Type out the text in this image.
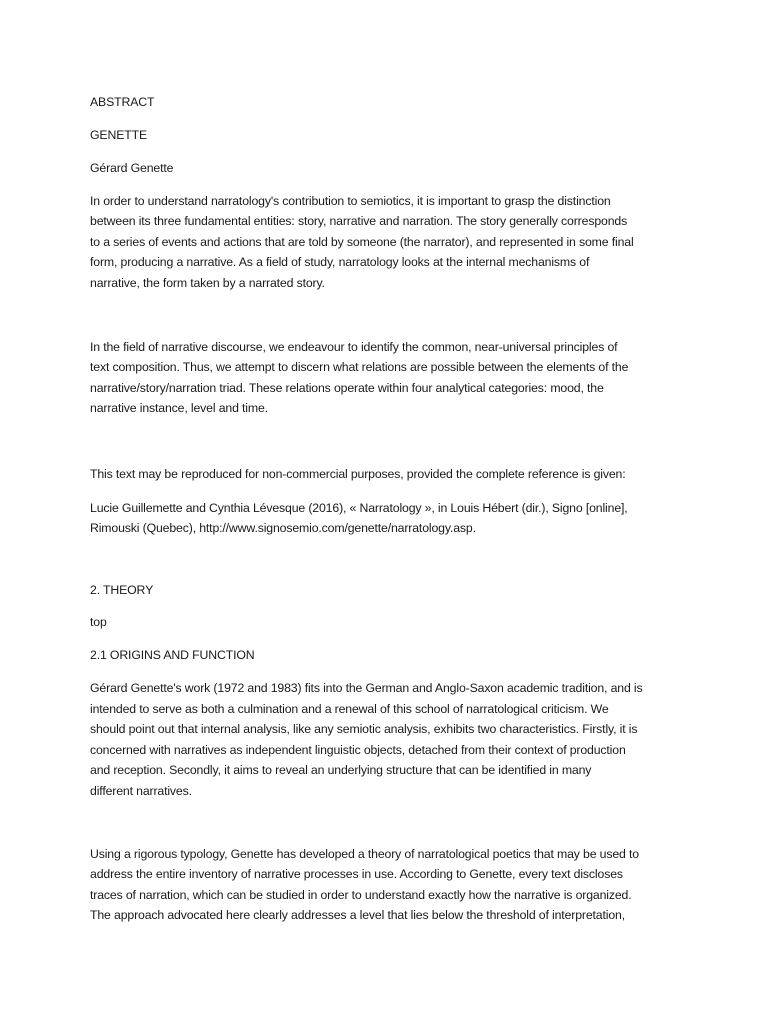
ABSTRACT
GENETTE
Gérard Genette
In order to understand narratology's contribution to semiotics, it is important to grasp the distinction
between its three fundamental entities: story, narrative and narration. The story generally corresponds
to a series of events and actions that are told by someone (the narrator), and represented in some final
form, producing a narrative. As a field of study, narratology looks at the internal mechanisms of
narrative, the form taken by a narrated story.
In the field of narrative discourse, we endeavour to identify the common, near-universal principles of
text composition. Thus, we attempt to discern what relations are possible between the elements of the
narrative/story/narration triad. These relations operate within four analytical categories: mood, the
narrative instance, level and time.
This text may be reproduced for non-commercial purposes, provided the complete reference is given:
Lucie Guillemette and Cynthia Lévesque (2016), « Narratology », in Louis Hébert (dir.), Signo [online],
Rimouski (Quebec), http://www.signosemio.com/genette/narratology.asp.
2. THEORY
top
2.1 ORIGINS AND FUNCTION
Gérard Genette's work (1972 and 1983) fits into the German and Anglo-Saxon academic tradition, and is
intended to serve as both a culmination and a renewal of this school of narratological criticism. We
should point out that internal analysis, like any semiotic analysis, exhibits two characteristics. Firstly, it is
concerned with narratives as independent linguistic objects, detached from their context of production
and reception. Secondly, it aims to reveal an underlying structure that can be identified in many
different narratives.
Using a rigorous typology, Genette has developed a theory of narratological poetics that may be used to
address the entire inventory of narrative processes in use. According to Genette, every text discloses
traces of narration, which can be studied in order to understand exactly how the narrative is organized.
The approach advocated here clearly addresses a level that lies below the threshold of interpretation,
